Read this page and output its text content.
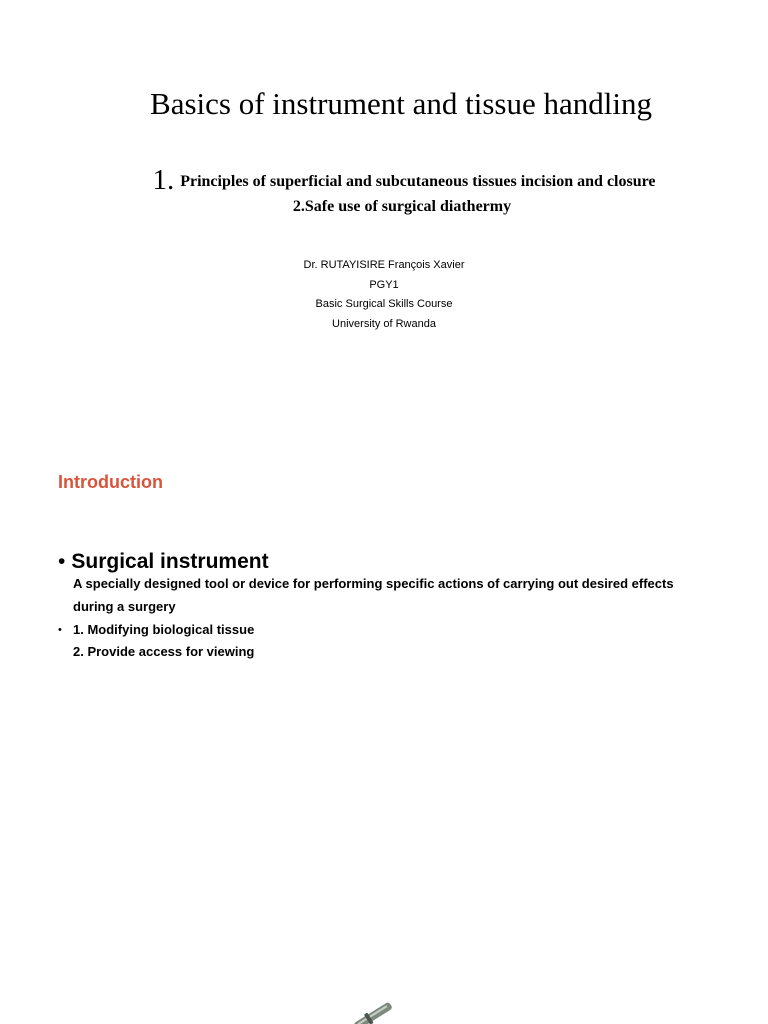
Basics of instrument and tissue handling
1. Principles of superficial and subcutaneous tissues incision and closure
2.Safe use of surgical diathermy
Dr. RUTAYISIRE François Xavier
PGY1
Basic Surgical Skills Course
University of Rwanda
Introduction
• Surgical instrument
A specially designed tool or device for performing specific actions of carrying out desired effects during a surgery
• 1. Modifying biological tissue
2. Provide access for viewing
